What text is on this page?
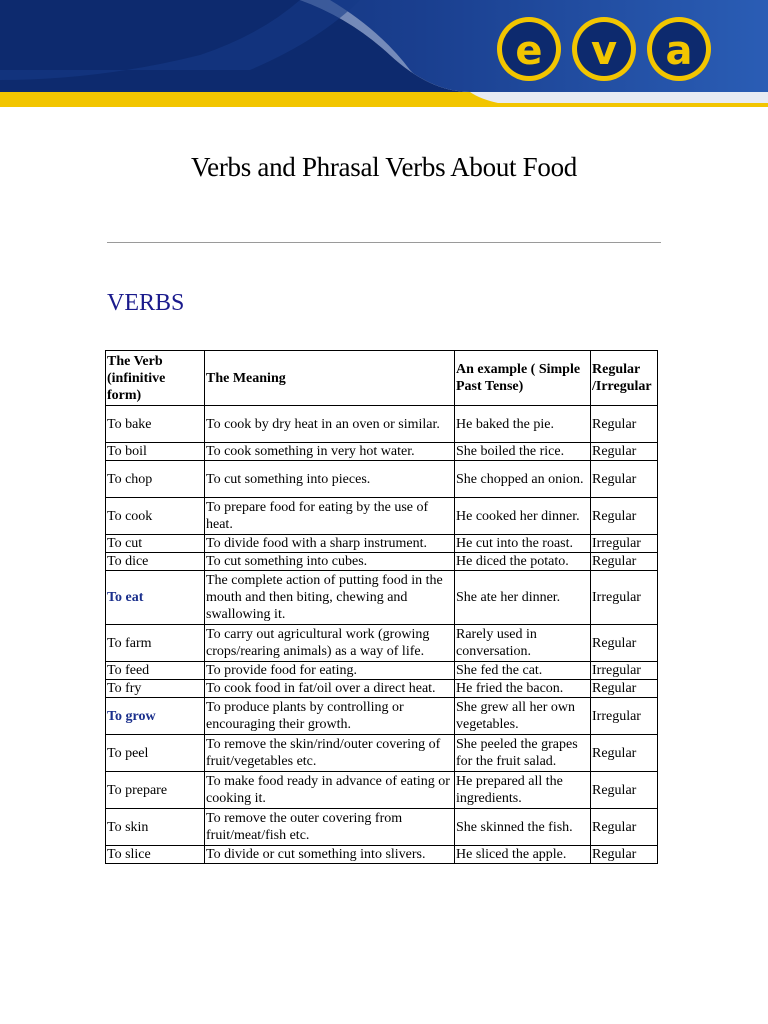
e v a
Verbs and Phrasal Verbs About Food
VERBS
The Verb (infinitive form)	The Meaning	An example ( Simple Past Tense)	Regular /Irregular
To bake	To cook by dry heat in an oven or similar.	He baked the pie.	Regular
To boil	To cook something in very hot water.	She boiled the rice.	Regular
To chop	To cut something into pieces.	She chopped an onion.	Regular
To cook	To prepare food for eating by the use of heat.	He cooked her dinner.	Regular
To cut	To divide food with a sharp instrument.	He cut into the roast.	Irregular
To dice	To cut something into cubes.	He diced the potato.	Regular
To eat	The complete action of putting food in the mouth and then biting, chewing and swallowing it.	She ate her dinner.	Irregular
To farm	To carry out agricultural work (growing crops/rearing animals) as a way of life.	Rarely used in conversation.	Regular
To feed	To provide food for eating.	She fed the cat.	Irregular
To fry	To cook food in fat/oil over a direct heat.	He fried the bacon.	Regular
To grow	To produce plants by controlling or encouraging their growth.	She grew all her own vegetables.	Irregular
To peel	To remove the skin/rind/outer covering of fruit/vegetables etc.	She peeled the grapes for the fruit salad.	Regular
To prepare	To make food ready in advance of eating or cooking it.	He prepared all the ingredients.	Regular
To skin	To remove the outer covering from fruit/meat/fish etc.	She skinned the fish.	Regular
To slice	To divide or cut something into slivers.	He sliced the apple.	Regular
